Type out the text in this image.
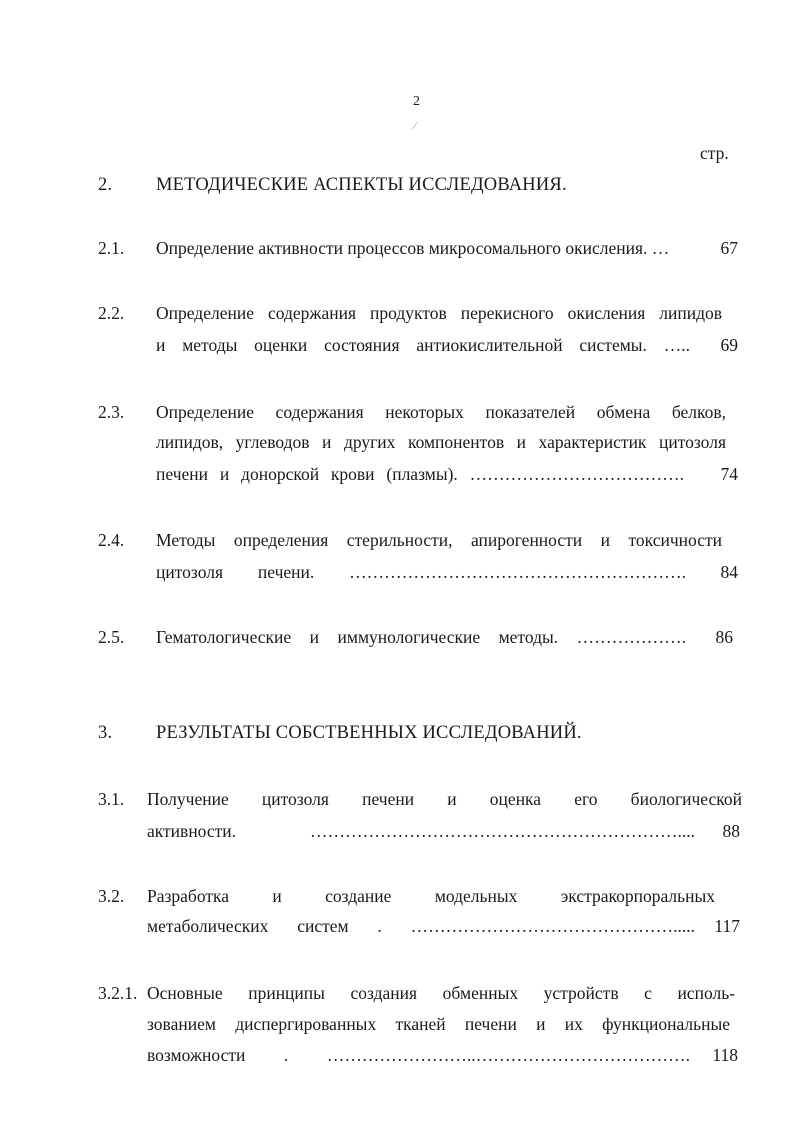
2
⁄
стр.
2. МЕТОДИЧЕСКИЕ АСПЕКТЫ ИССЛЕДОВАНИЯ.
2.1. Определение активности процессов микросомального окисления. …	67
2.2. Определение содержания продуктов перекисного окисления липидов
и методы оценки состояния антиокислительной системы. …..	69
2.3. Определение содержания некоторых показателей обмена белков,
липидов, углеводов и других компонентов и характеристик цитозоля
печени и донорской крови (плазмы). ……………………………….	74
2.4. Методы определения стерильности, апирогенности и токсичности
цитозоля печени. ………………………………………………….	84
2.5. Гематологические и иммунологические методы. ……………….	86
3. РЕЗУЛЬТАТЫ СОБСТВЕННЫХ ИССЛЕДОВАНИЙ.
3.1. Получение цитозоля печени и оценка его биологической
активности. ………………………………………………………....	88
3.2. Разработка и создание модельных экстракорпоральных
метаболических систем . ……………………………………….....	117
3.2.1. Основные принципы создания обменных устройств с исполь-
зованием диспергированных тканей печени и их функциональные
возможности . ……………………..……………………………….	118
